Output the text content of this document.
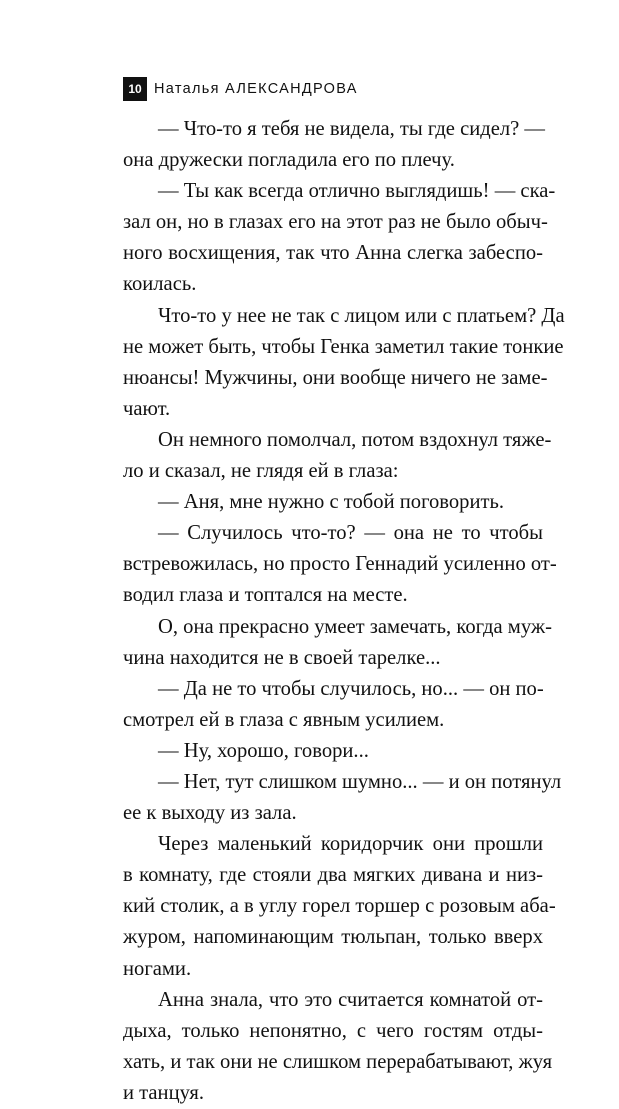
10 Наталья АЛЕКСАНДРОВА
— Что-то я тебя не видела, ты где сидел? —
она дружески погладила его по плечу.
— Ты как всегда отлично выглядишь! — ска-
зал он, но в глазах его на этот раз не было обыч-
ного восхищения, так что Анна слегка забеспо-
коилась.
Что-то у нее не так с лицом или с платьем? Да
не может быть, чтобы Генка заметил такие тонкие
нюансы! Мужчины, они вообще ничего не заме-
чают.
Он немного помолчал, потом вздохнул тяже-
ло и сказал, не глядя ей в глаза:
— Аня, мне нужно с тобой поговорить.
— Случилось что-то? — она не то чтобы
встревожилась, но просто Геннадий усиленно от-
водил глаза и топтался на месте.
О, она прекрасно умеет замечать, когда муж-
чина находится не в своей тарелке...
— Да не то чтобы случилось, но... — он по-
смотрел ей в глаза с явным усилием.
— Ну, хорошо, говори...
— Нет, тут слишком шумно... — и он потянул
ее к выходу из зала.
Через маленький коридорчик они прошли
в комнату, где стояли два мягких дивана и низ-
кий столик, а в углу горел торшер с розовым аба-
журом, напоминающим тюльпан, только вверх
ногами.
Анна знала, что это считается комнатой от-
дыха, только непонятно, с чего гостям отды-
хать, и так они не слишком перерабатывают, жуя
и танцуя.
